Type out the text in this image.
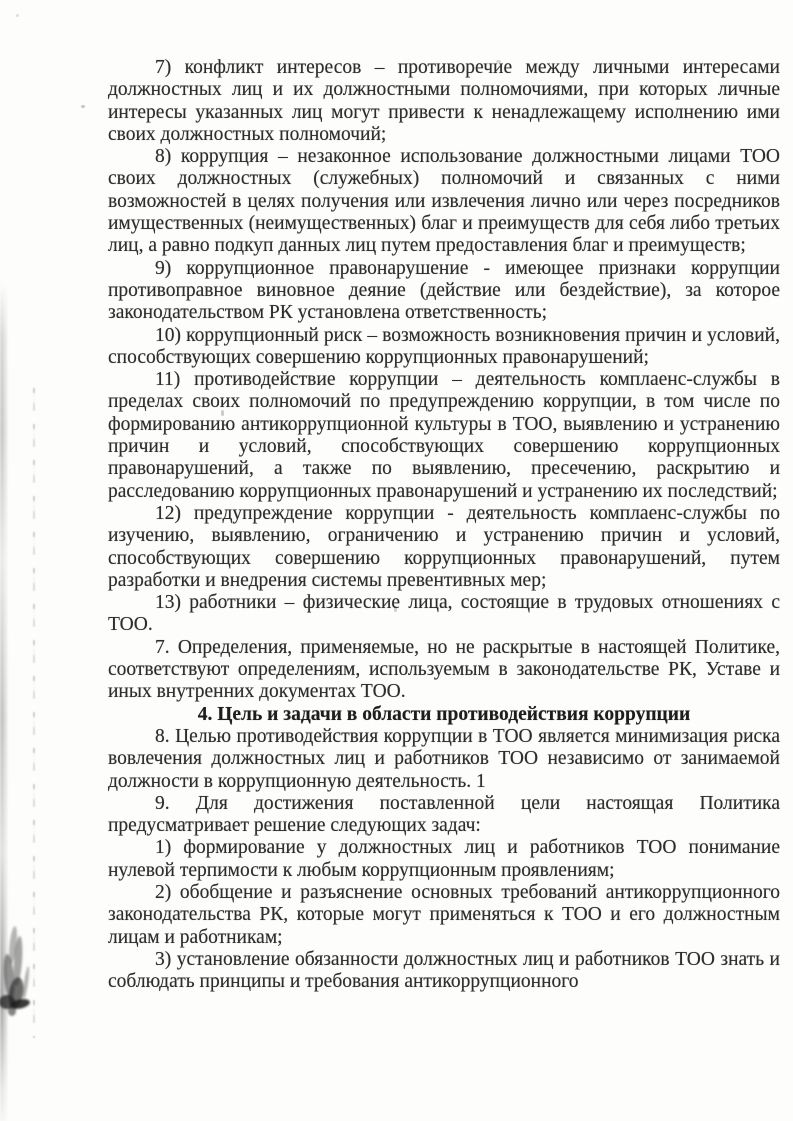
7) конфликт интересов – противоречие между личными интересами должностных лиц и их должностными полномочиями, при которых личные интересы указанных лиц могут привести к ненадлежащему исполнению ими своих должностных полномочий;

8) коррупция – незаконное использование должностными лицами ТОО своих должностных (служебных) полномочий и связанных с ними возможностей в целях получения или извлечения лично или через посредников имущественных (неимущественных) благ и преимуществ для себя либо третьих лиц, а равно подкуп данных лиц путем предоставления благ и преимуществ;

9) коррупционное правонарушение - имеющее признаки коррупции противоправное виновное деяние (действие или бездействие), за которое законодательством РК установлена ответственность;

10) коррупционный риск – возможность возникновения причин и условий, способствующих совершению коррупционных правонарушений;

11) противодействие коррупции – деятельность комплаенс-службы в пределах своих полномочий по предупреждению коррупции, в том числе по формированию антикоррупционной культуры в ТОО, выявлению и устранению причин и условий, способствующих совершению коррупционных правонарушений, а также по выявлению, пресечению, раскрытию и расследованию коррупционных правонарушений и устранению их последствий;

12) предупреждение коррупции - деятельность комплаенс-службы по изучению, выявлению, ограничению и устранению причин и условий, способствующих совершению коррупционных правонарушений, путем разработки и внедрения системы превентивных мер;

13) работники – физические лица, состоящие в трудовых отношениях с ТОО.

7. Определения, применяемые, но не раскрытые в настоящей Политике, соответствуют определениям, используемым в законодательстве РК, Уставе и иных внутренних документах ТОО.

4. Цель и задачи в области противодействия коррупции

8. Целью противодействия коррупции в ТОО является минимизация риска вовлечения должностных лиц и работников ТОО независимо от занимаемой должности в коррупционную деятельность. 1

9. Для достижения поставленной цели настоящая Политика предусматривает решение следующих задач:

1) формирование у должностных лиц и работников ТОО понимание нулевой терпимости к любым коррупционным проявлениям;

2) обобщение и разъяснение основных требований антикоррупционного законодательства РК, которые могут применяться к ТОО и его должностным лицам и работникам;

3) установление обязанности должностных лиц и работников ТОО знать и соблюдать принципы и требования антикоррупционного
